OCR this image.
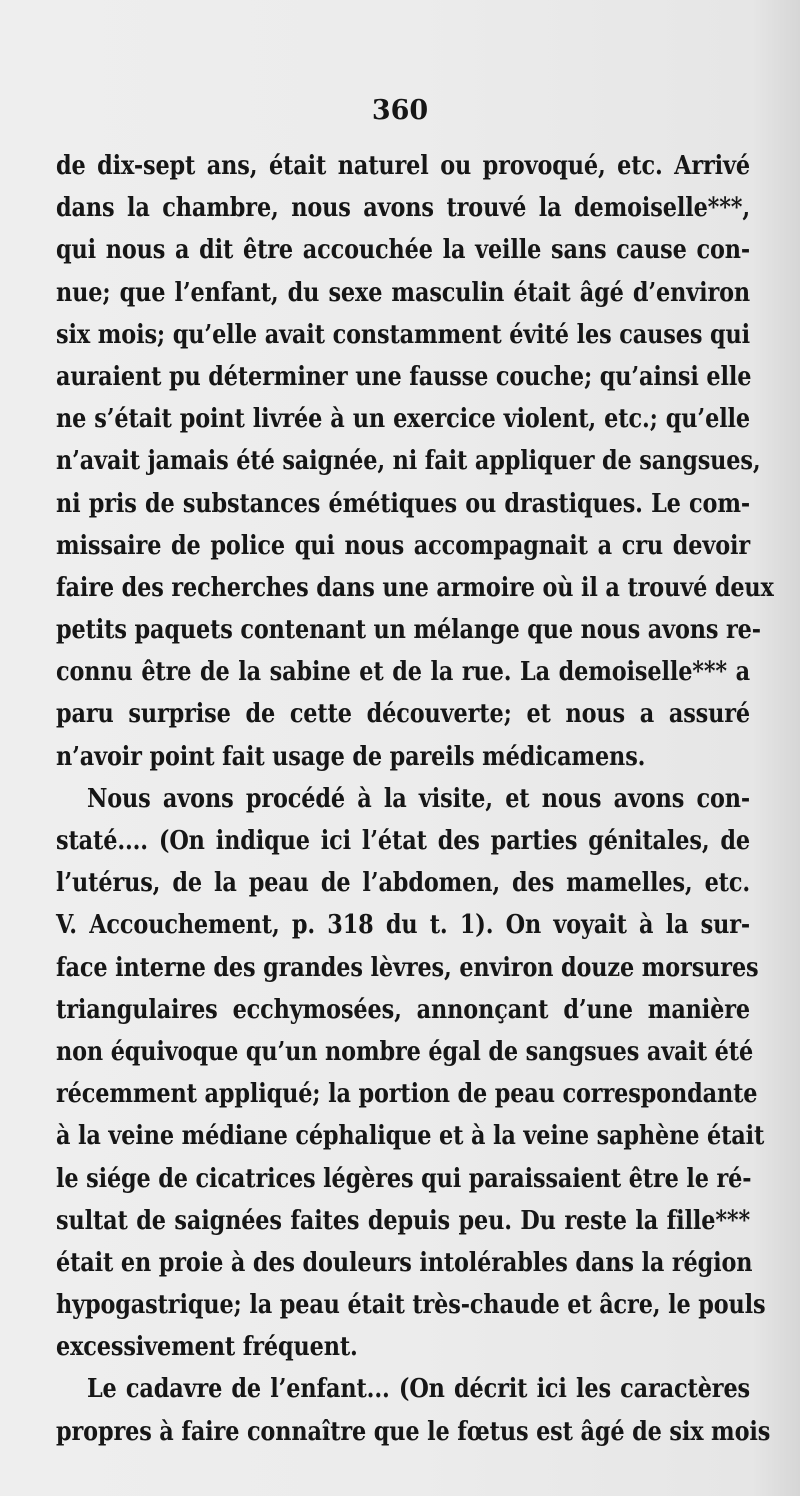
360

de dix-sept ans, était naturel ou provoqué, etc. Arrivé
dans la chambre, nous avons trouvé la demoiselle***,
qui nous a dit être accouchée la veille sans cause con-
nue; que l’enfant, du sexe masculin était âgé d’environ
six mois; qu’elle avait constamment évité les causes qui
auraient pu déterminer une fausse couche; qu’ainsi elle
ne s’était point livrée à un exercice violent, etc.; qu’elle
n’avait jamais été saignée, ni fait appliquer de sangsues,
ni pris de substances émétiques ou drastiques. Le com-
missaire de police qui nous accompagnait a cru devoir
faire des recherches dans une armoire où il a trouvé deux
petits paquets contenant un mélange que nous avons re-
connu être de la sabine et de la rue. La demoiselle*** a
paru surprise de cette découverte; et nous a assuré
n’avoir point fait usage de pareils médicamens.
Nous avons procédé à la visite, et nous avons con-
staté.... (On indique ici l’état des parties génitales, de
l’utérus, de la peau de l’abdomen, des mamelles, etc.
V. Accouchement, p. 318 du t. 1). On voyait à la sur-
face interne des grandes lèvres, environ douze morsures
triangulaires ecchymosées, annonçant d’une manière
non équivoque qu’un nombre égal de sangsues avait été
récemment appliqué; la portion de peau correspondante
à la veine médiane céphalique et à la veine saphène était
le siége de cicatrices légères qui paraissaient être le ré-
sultat de saignées faites depuis peu. Du reste la fille***
était en proie à des douleurs intolérables dans la région
hypogastrique; la peau était très-chaude et âcre, le pouls
excessivement fréquent.
Le cadavre de l’enfant... (On décrit ici les caractères
propres à faire connaître que le fœtus est âgé de six mois
